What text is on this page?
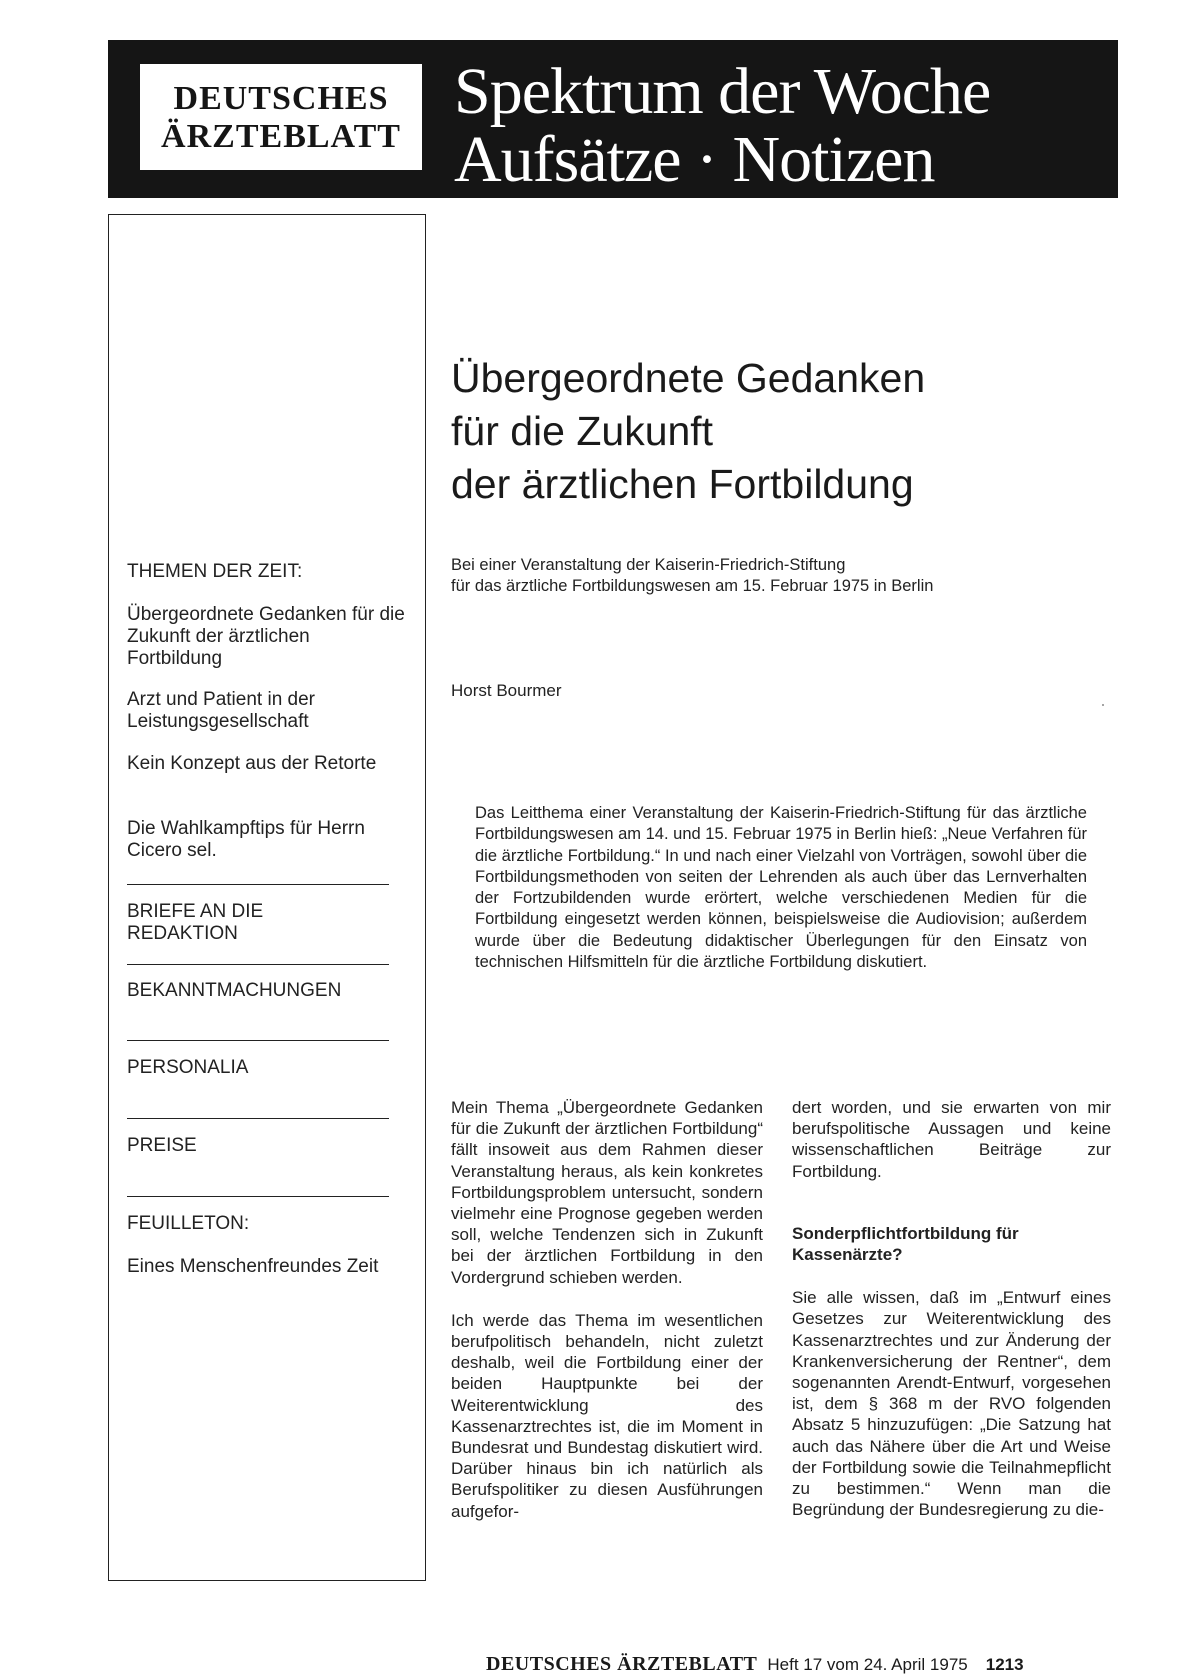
DEUTSCHES
ÄRZTEBLATT
Spektrum der Woche
Aufsätze · Notizen
THEMEN DER ZEIT:
Übergeordnete Gedanken für die Zukunft der ärztlichen Fortbildung
Arzt und Patient in der Leistungsgesellschaft
Kein Konzept aus der Retorte
Die Wahlkampftips für Herrn Cicero sel.
BRIEFE AN DIE REDAKTION
BEKANNTMACHUNGEN
PERSONALIA
PREISE
FEUILLETON:
Eines Menschenfreundes Zeit
Übergeordnete Gedanken
für die Zukunft
der ärztlichen Fortbildung
Bei einer Veranstaltung der Kaiserin-Friedrich-Stiftung
für das ärztliche Fortbildungswesen am 15. Februar 1975 in Berlin
Horst Bourmer
Das Leitthema einer Veranstaltung der Kaiserin-Friedrich-Stiftung für das ärztliche Fortbildungswesen am 14. und 15. Februar 1975 in Berlin hieß: „Neue Verfahren für die ärztliche Fortbildung.“ In und nach einer Vielzahl von Vorträgen, sowohl über die Fortbildungsmethoden von seiten der Lehrenden als auch über das Lernverhalten der Fortzubildenden wurde erörtert, welche verschiedenen Medien für die Fortbildung eingesetzt werden können, beispielsweise die Audiovision; außerdem wurde über die Bedeutung didaktischer Überlegungen für den Einsatz von technischen Hilfsmitteln für die ärztliche Fortbildung diskutiert.

Mein Thema „Übergeordnete Gedanken für die Zukunft der ärztlichen Fortbildung“ fällt insoweit aus dem Rahmen dieser Veranstaltung heraus, als kein konkretes Fortbildungsproblem untersucht, sondern vielmehr eine Prognose gegeben werden soll, welche Tendenzen sich in Zukunft bei der ärztlichen Fortbildung in den Vordergrund schieben werden.

Ich werde das Thema im wesentlichen berufpolitisch behandeln, nicht zuletzt deshalb, weil die Fortbildung einer der beiden Hauptpunkte bei der Weiterentwicklung des Kassenarztrechtes ist, die im Moment in Bundesrat und Bundestag diskutiert wird. Darüber hinaus bin ich natürlich als Berufspolitiker zu diesen Ausführungen aufgefor-

dert worden, und sie erwarten von mir berufspolitische Aussagen und keine wissenschaftlichen Beiträge zur Fortbildung.

Sonderpflichtfortbildung für Kassenärzte?

Sie alle wissen, daß im „Entwurf eines Gesetzes zur Weiterentwicklung des Kassenarztrechtes und zur Änderung der Krankenversicherung der Rentner“, dem sogenannten Arendt-Entwurf, vorgesehen ist, dem § 368 m der RVO folgenden Absatz 5 hinzuzufügen: „Die Satzung hat auch das Nähere über die Art und Weise der Fortbildung sowie die Teilnahmepflicht zu bestimmen.“ Wenn man die Begründung der Bundesregierung zu die-

DEUTSCHES ÄRZTEBLATT Heft 17 vom 24. April 1975 1213
